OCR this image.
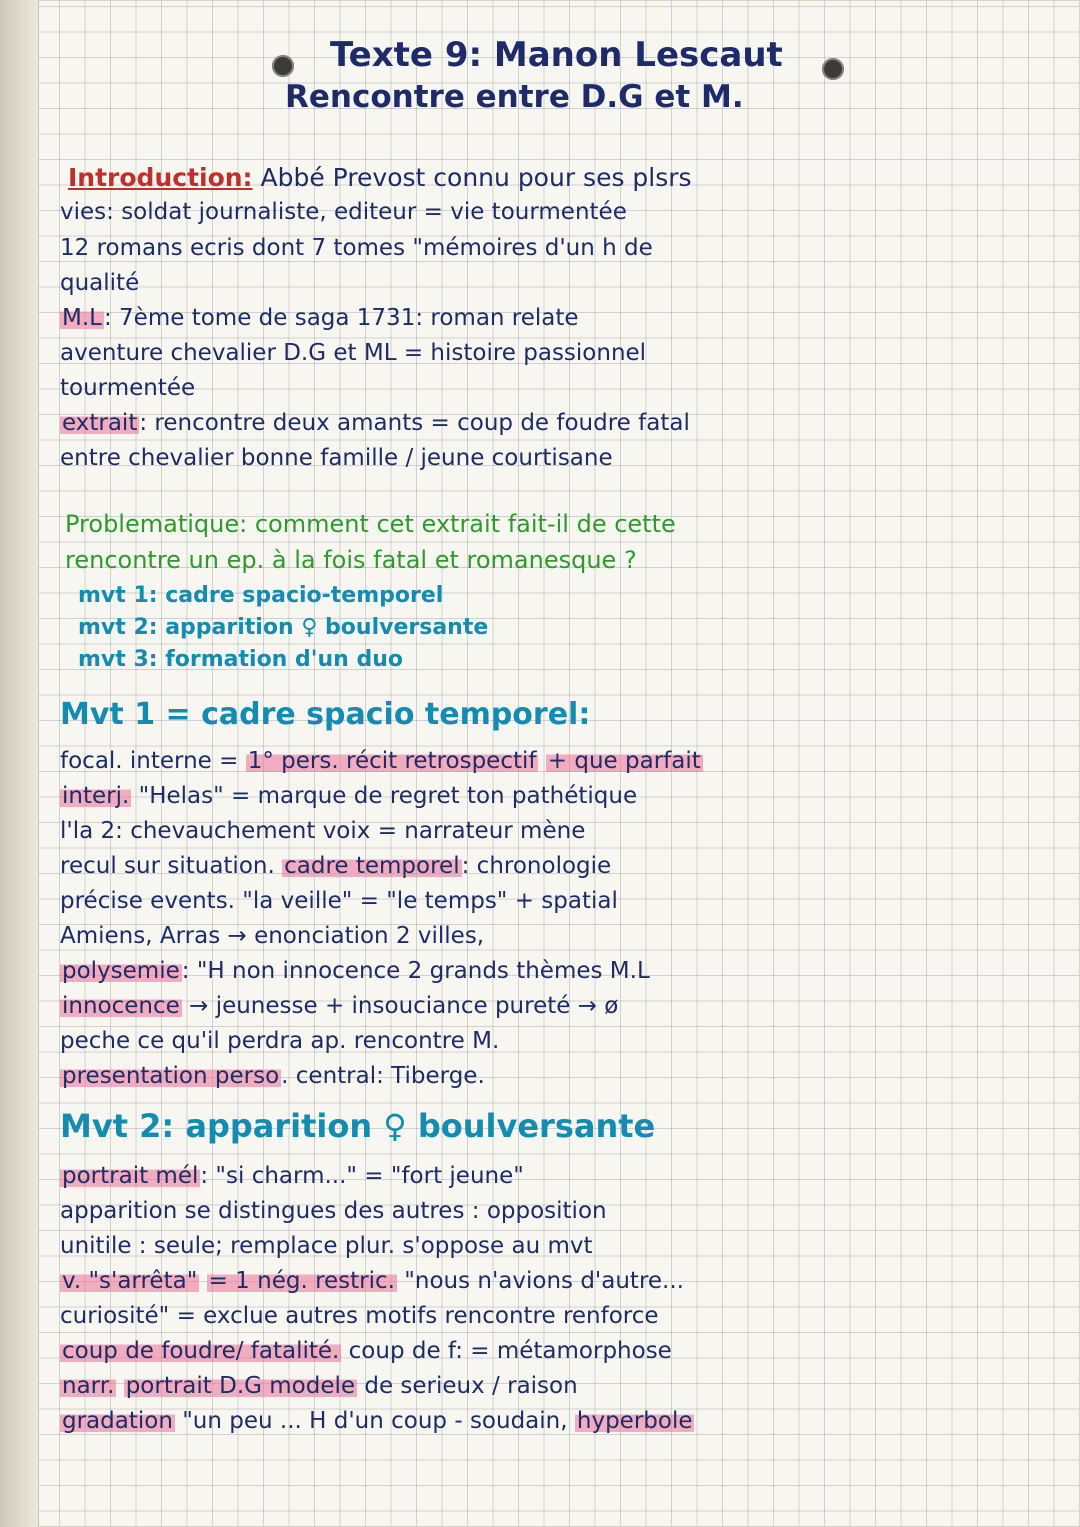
Texte 9: Manon Lescaut
Rencontre entre D.G et M.
Introduction: Abbé Prevost connu pour ses plsrs
vies: soldat journaliste, editeur = vie tourmentée
12 romans ecris dont 7 tomes "mémoires d'un h de
qualité
M.L: 7ème tome de saga 1731: roman relate
aventure chevalier D.G et ML = histoire passionnel
tourmentée
extrait: rencontre deux amants = coup de foudre fatal
entre chevalier bonne famille / jeune courtisane
Problematique: comment cet extrait fait-il de cette
rencontre un ep. à la fois fatal et romanesque ?
mvt 1: cadre spacio-temporel
mvt 2: apparition ♀ boulversante
mvt 3: formation d'un duo
Mvt 1 = cadre spacio temporel:
focal. interne = 1° pers. récit retrospectif + que parfait
interj. "Helas" = marque de regret ton pathétique
l'la 2: chevauchement voix = narrateur mène
recul sur situation. cadre temporel: chronologie
précise events. "la veille" = "le temps" + spatial
Amiens, Arras → enonciation 2 villes,
polysemie: "H non innocence 2 grands thèmes M.L
innocence → jeunesse + insouciance pureté → ø
peche ce qu'il perdra ap. rencontre M.
presentation perso. central: Tiberge.
Mvt 2: apparition ♀ boulversante
portrait mél: "si charm..." = "fort jeune"
apparition se distingues des autres : opposition
unitile : seule; remplace plur. s'oppose au mvt
v. "s'arrêta" = 1 nég. restric. "nous n'avions d'autre...
curiosité" = exclue autres motifs rencontre renforce
coup de foudre/ fatalité. coup de f: = métamorphose
narr. portrait D.G modele de serieux / raison
gradation "un peu ... H d'un coup - soudain, hyperbole
